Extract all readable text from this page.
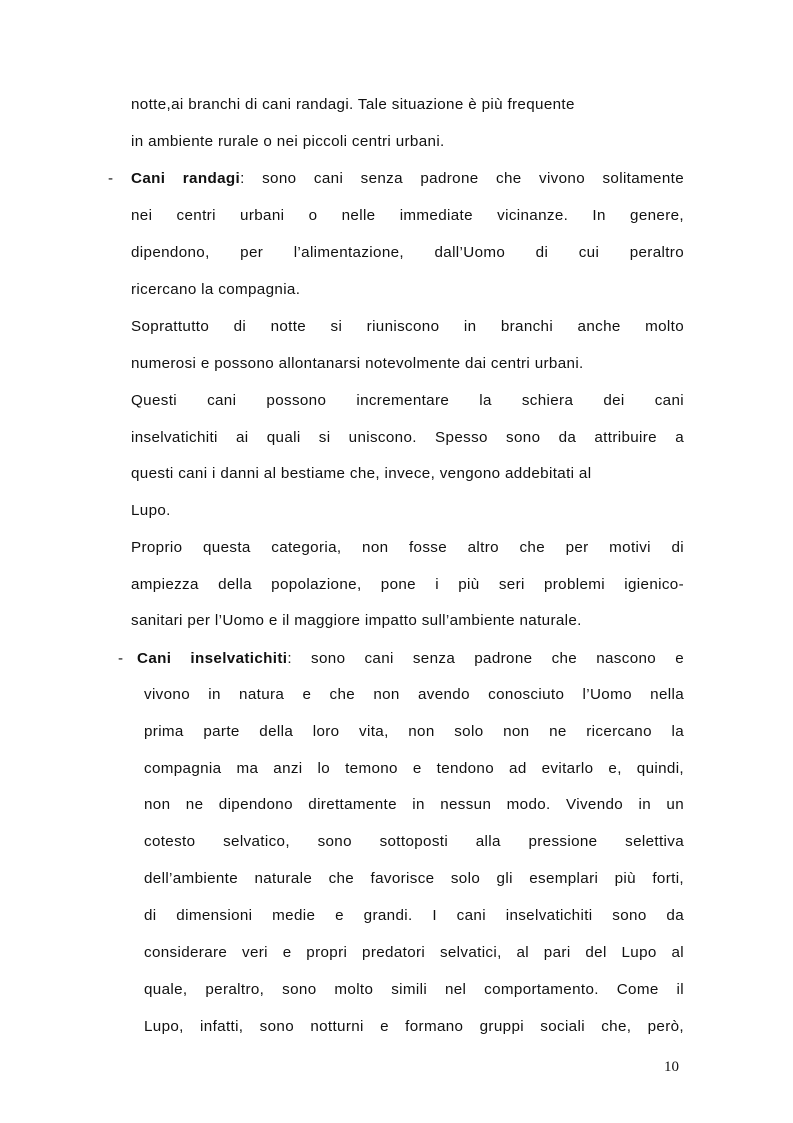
notte,ai branchi di cani randagi. Tale situazione è più frequente
in ambiente rurale o nei piccoli centri urbani.
- Cani randagi: sono cani senza padrone che vivono solitamente
nei centri urbani o nelle immediate vicinanze. In genere,
dipendono, per l’alimentazione, dall’Uomo di cui peraltro
ricercano la compagnia.
Soprattutto di notte si riuniscono in branchi anche molto
numerosi e possono allontanarsi notevolmente dai centri urbani.
Questi cani possono incrementare la schiera dei cani
inselvatichiti ai quali si uniscono. Spesso sono da attribuire a
questi cani i danni al bestiame che, invece, vengono addebitati al
Lupo.
Proprio questa categoria, non fosse altro che per motivi di
ampiezza della popolazione, pone i più seri problemi igienico-
sanitari per l’Uomo e il maggiore impatto sull’ambiente naturale.
- Cani inselvatichiti: sono cani senza padrone che nascono e
vivono in natura e che non avendo conosciuto l’Uomo nella
prima parte della loro vita, non solo non ne ricercano la
compagnia ma anzi lo temono e tendono ad evitarlo e, quindi,
non ne dipendono direttamente in nessun modo. Vivendo in un
cotesto selvatico, sono sottoposti alla pressione selettiva
dell’ambiente naturale che favorisce solo gli esemplari più forti,
di dimensioni medie e grandi. I cani inselvatichiti sono da
considerare veri e propri predatori selvatici, al pari del Lupo al
quale, peraltro, sono molto simili nel comportamento. Come il
Lupo, infatti, sono notturni e formano gruppi sociali che, però,
10
